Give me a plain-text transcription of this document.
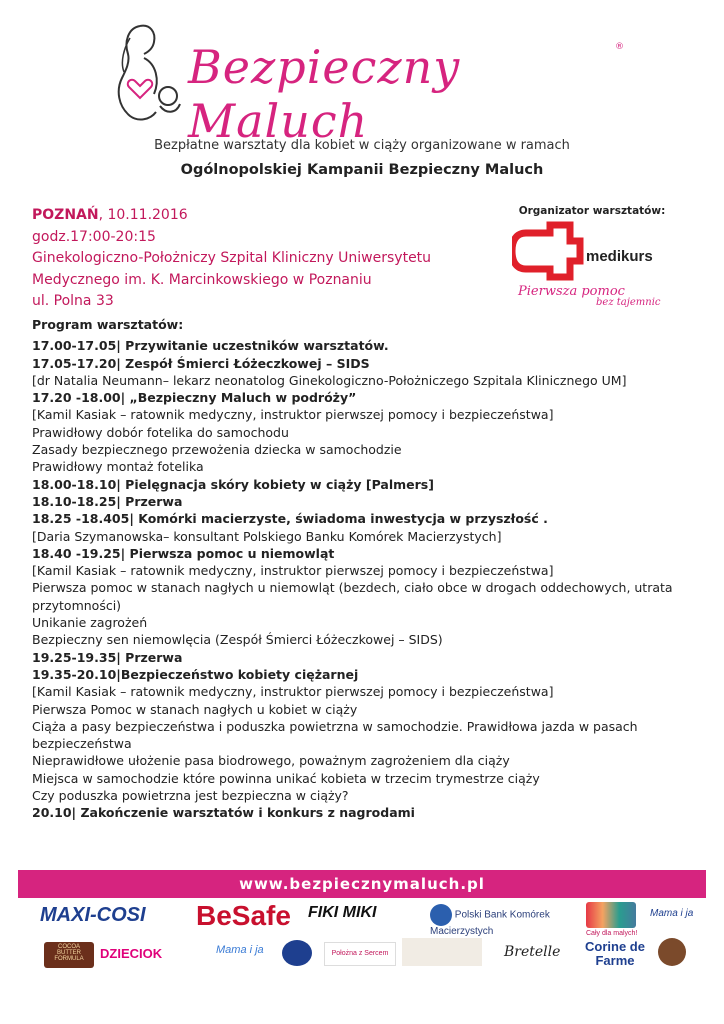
Bezpieczny Maluch
®
Bezpłatne warsztaty dla kobiet w ciąży organizowane w ramach
Ogólnopolskiej Kampanii Bezpieczny Maluch
POZNAŃ, 10.11.2016
godz.17:00-20:15
Ginekologiczno-Położniczy Szpital Kliniczny Uniwersytetu
Medycznego im. K. Marcinkowskiego w Poznaniu
ul. Polna 33
Organizator warsztatów:
medikurs
Pierwsza pomoc
bez tajemnic
Program warsztatów:
17.00-17.05| Przywitanie uczestników warsztatów.
17.05-17.20| Zespół Śmierci Łóżeczkowej – SIDS
[dr Natalia Neumann– lekarz neonatolog Ginekologiczno-Położniczego Szpitala Klinicznego UM]
17.20 -18.00| „Bezpieczny Maluch w podróży”
[Kamil Kasiak – ratownik medyczny, instruktor pierwszej pomocy i bezpieczeństwa]
Prawidłowy dobór fotelika do samochodu
Zasady bezpiecznego przewożenia dziecka w samochodzie
Prawidłowy montaż fotelika
18.00-18.10| Pielęgnacja skóry kobiety w ciąży [Palmers]
18.10-18.25| Przerwa
18.25 -18.405| Komórki macierzyste, świadoma inwestycja w przyszłość .
[Daria Szymanowska– konsultant Polskiego Banku Komórek Macierzystych]
18.40 -19.25| Pierwsza pomoc u niemowląt
[Kamil Kasiak – ratownik medyczny, instruktor pierwszej pomocy i bezpieczeństwa]
Pierwsza pomoc w stanach nagłych u niemowląt (bezdech, ciało obce w drogach oddechowych, utrata przytomności)
Unikanie zagrożeń
Bezpieczny sen niemowlęcia (Zespół Śmierci Łóżeczkowej – SIDS)
19.25-19.35| Przerwa
19.35-20.10|Bezpieczeństwo kobiety ciężarnej
[Kamil Kasiak – ratownik medyczny, instruktor pierwszej pomocy i bezpieczeństwa]
Pierwsza Pomoc w stanach nagłych u kobiet w ciąży
Ciąża a pasy bezpieczeństwa i poduszka powietrzna w samochodzie. Prawidłowa jazda w pasach bezpieczeństwa
Nieprawidłowe ułożenie pasa biodrowego, poważnym zagrożeniem dla ciąży
Miejsca w samochodzie które powinna unikać kobieta w trzecim trymestrze ciąży
Czy poduszka powietrzna jest bezpieczna w ciąży?
20.10| Zakończenie warsztatów i konkurs z nagrodami
www.bezpiecznymaluch.pl
MAXI-COSI BeSafe FIKI MIKI	Polski Bank Komórek Macierzystych	Cały dla malych!
Mama i ja
COCOA BUTTER FORMULA	DZIECIOK	Mama i ja	Położna z Sercem	Bretelle Corine de Farme
